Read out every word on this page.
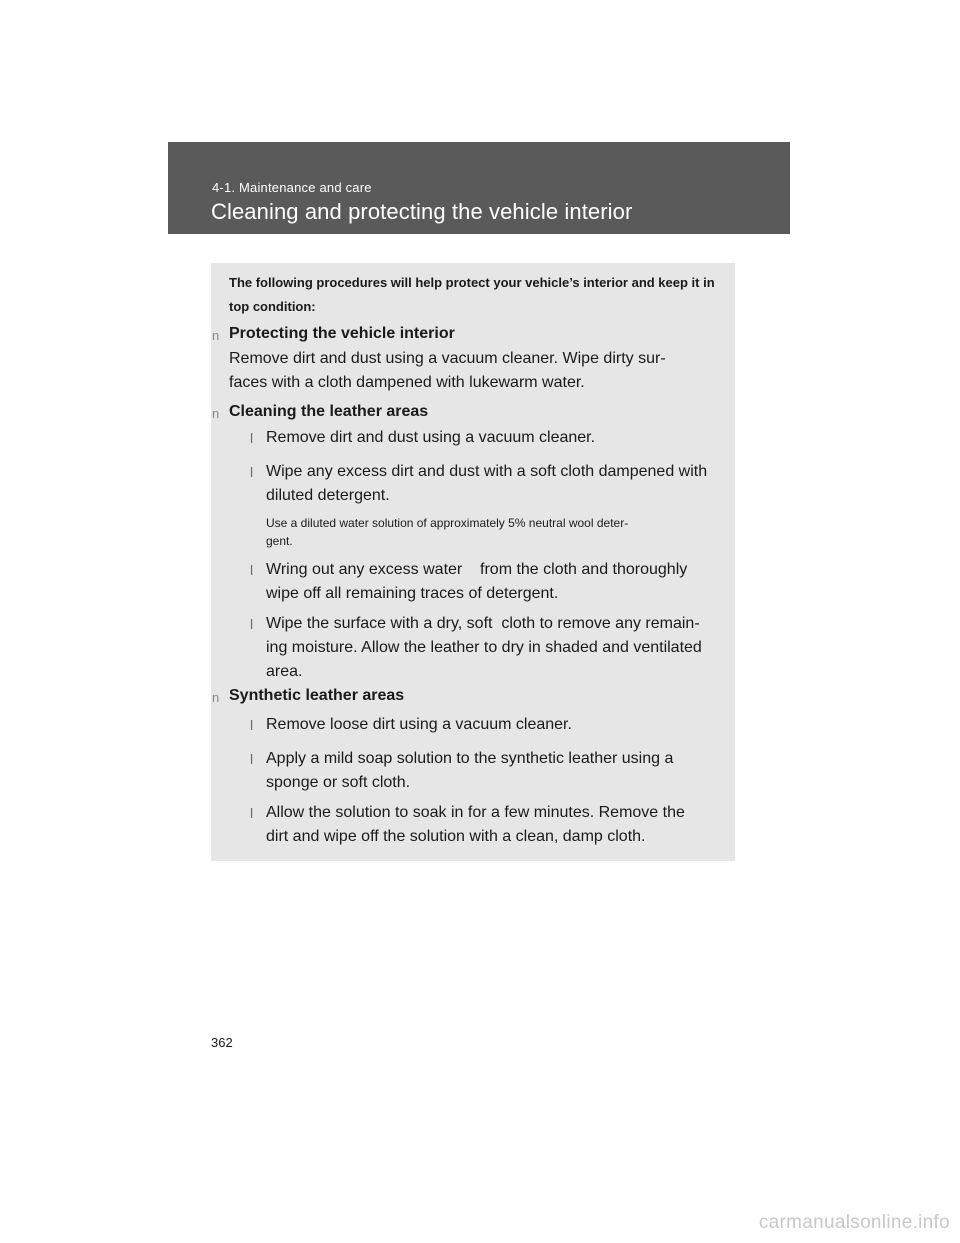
4‑1. Maintenance and care
Cleaning and protecting the vehicle interior
The following procedures will help protect your vehicle’s interior and keep it in top condition:
n Protecting the vehicle interior
Remove dirt and dust using a vacuum cleaner. Wipe dirty sur‑
faces with a cloth dampened with lukewarm water.
n Cleaning the leather areas
l Remove dirt and dust using a vacuum cleaner.
l Wipe any excess dirt and dust with a soft cloth dampened with
diluted detergent.
Use a diluted water solution of approximately 5% neutral wool deter‑
gent.
l Wring out any excess water    from the cloth and thoroughly
wipe off all remaining traces of detergent.
l Wipe the surface with a dry, soft  cloth to remove any remain‑
ing moisture. Allow the leather to dry in shaded and ventilated
area.
n Synthetic leather areas
l Remove loose dirt using a vacuum cleaner.
l Apply a mild soap solution to the synthetic leather using a
sponge or soft cloth.
l Allow the solution to soak in for a few minutes. Remove the
dirt and wipe off the solution with a clean, damp cloth.
362
carmanualsonline.info
